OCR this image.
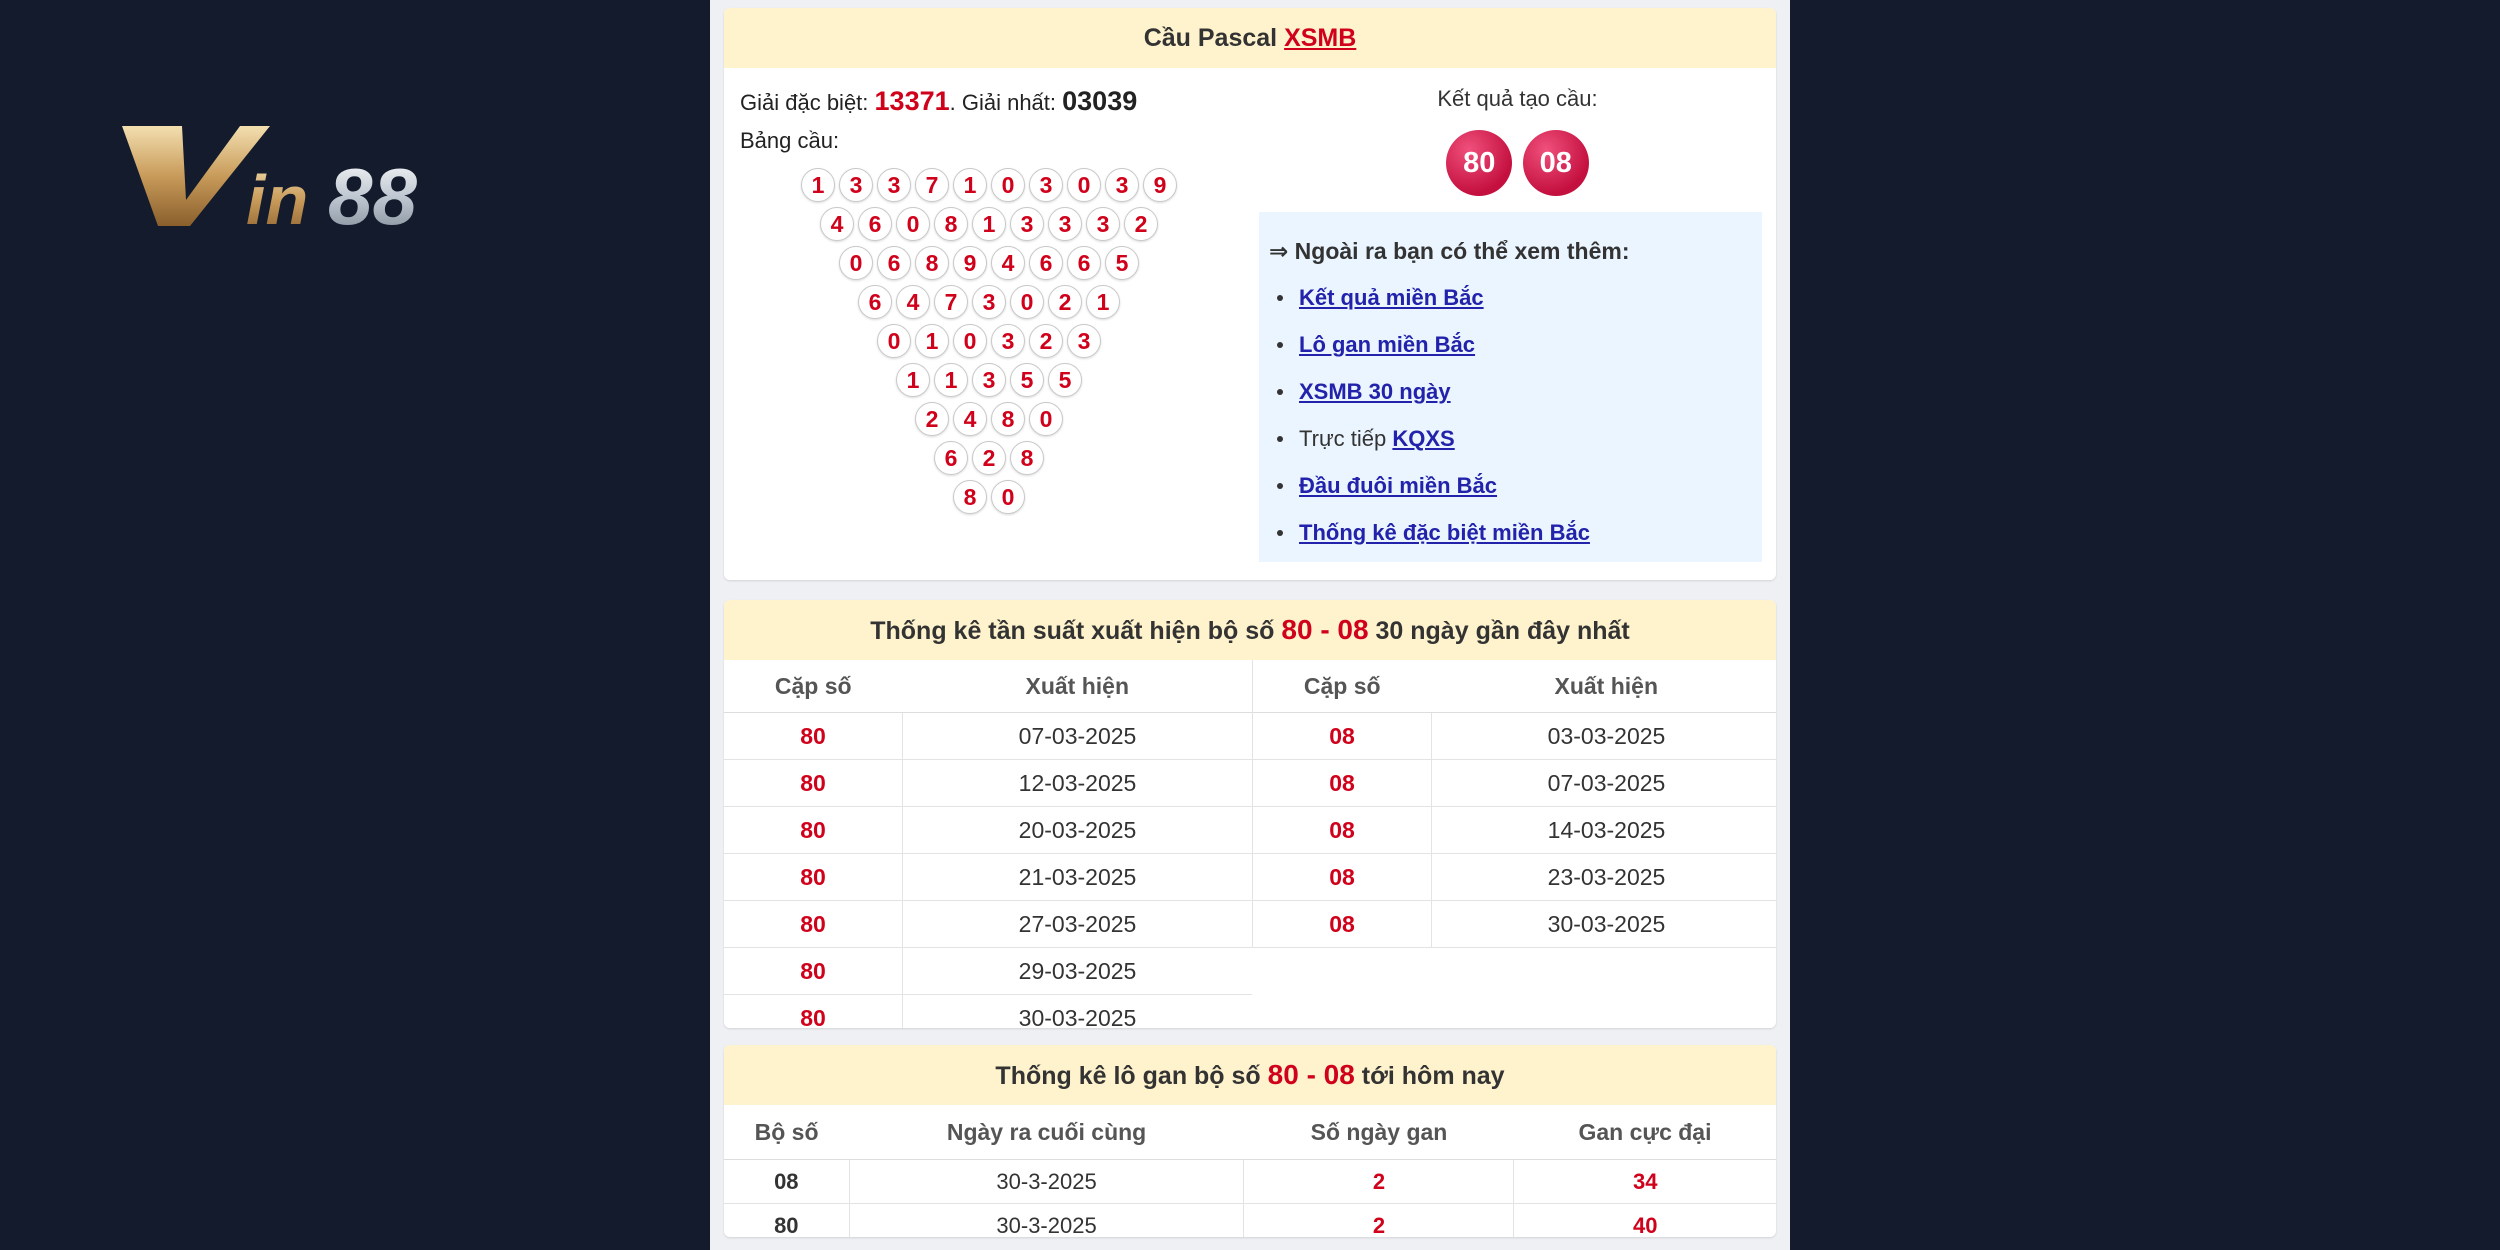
in 88
Cầu Pascal XSMB
Giải đặc biệt: 13371. Giải nhất: 03039
Bảng cầu:
1 3 3 7 1 0 3 0 3 9
4 6 0 8 1 3 3 3 2
0 6 8 9 4 6 6 5
6 4 7 3 0 2 1
0 1 0 3 2 3
1 1 3 5 5
2 4 8 0
6 2 8
8 0
Kết quả tạo cầu:
80 08
⇒ Ngoài ra bạn có thể xem thêm:
Kết quả miền Bắc
Lô gan miền Bắc
XSMB 30 ngày
Trực tiếp KQXS
Đầu đuôi miền Bắc
Thống kê đặc biệt miền Bắc
Thống kê tần suất xuất hiện bộ số 80 - 08 30 ngày gần đây nhất
Cặp số	Xuất hiện
80	07-03-2025
80	12-03-2025
80	20-03-2025
80	21-03-2025
80	27-03-2025
80	29-03-2025
80	30-03-2025
Cặp số	Xuất hiện
08	03-03-2025
08	07-03-2025
08	14-03-2025
08	23-03-2025
08	30-03-2025
Thống kê lô gan bộ số 80 - 08 tới hôm nay
Bộ số	Ngày ra cuối cùng	Số ngày gan	Gan cực đại
08	30-3-2025	2	34
80	30-3-2025	2	40
